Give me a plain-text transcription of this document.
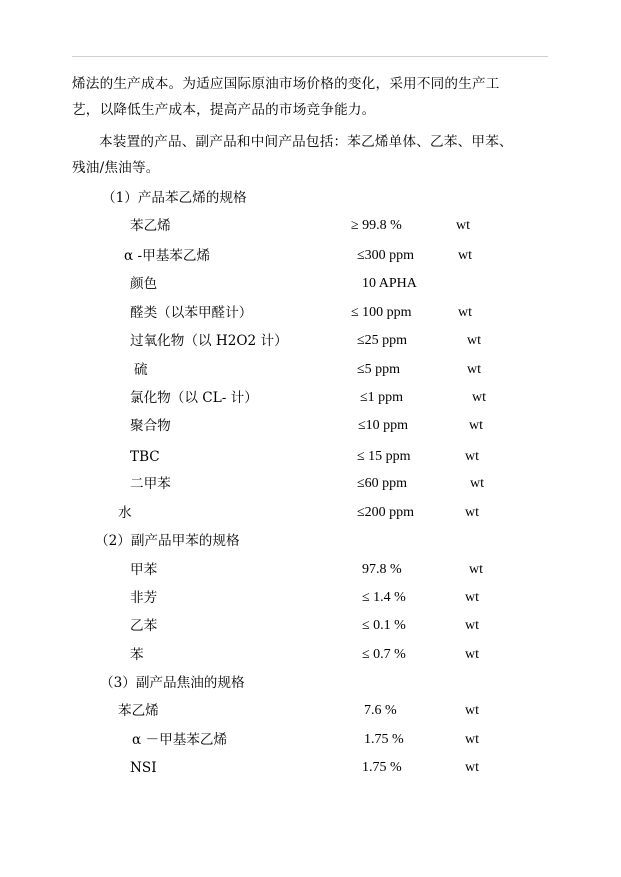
烯法的生产成本。为适应国际原油市场价格的变化，采用不同的生产工
艺，以降低生产成本，提高产品的市场竞争能力。

本装置的产品、副产品和中间产品包括：苯乙烯单体、乙苯、甲苯、
残油/焦油等。

（1）产品苯乙烯的规格
苯乙烯	≥ 99.8 %	wt
α -甲基苯乙烯	≤300 ppm	wt
颜色	10 APHA
醛类（以苯甲醛计）	≤ 100 ppm	wt
过氧化物（以 H2O2 计）	≤25 ppm	wt
硫	≤5 ppm	wt
氯化物（以 CL- 计）	≤1 ppm	wt
聚合物	≤10 ppm	wt
TBC	≤ 15 ppm	wt
二甲苯	≤60 ppm	wt
水	≤200 ppm	wt
（2）副产品甲苯的规格
甲苯	97.8 %	wt
非芳	≤ 1.4 %	wt
乙苯	≤ 0.1 %	wt
苯	≤ 0.7 %	wt
（3）副产品焦油的规格
苯乙烯	7.6 %	wt
α －甲基苯乙烯	1.75 %	wt
NSI	1.75 %	wt
